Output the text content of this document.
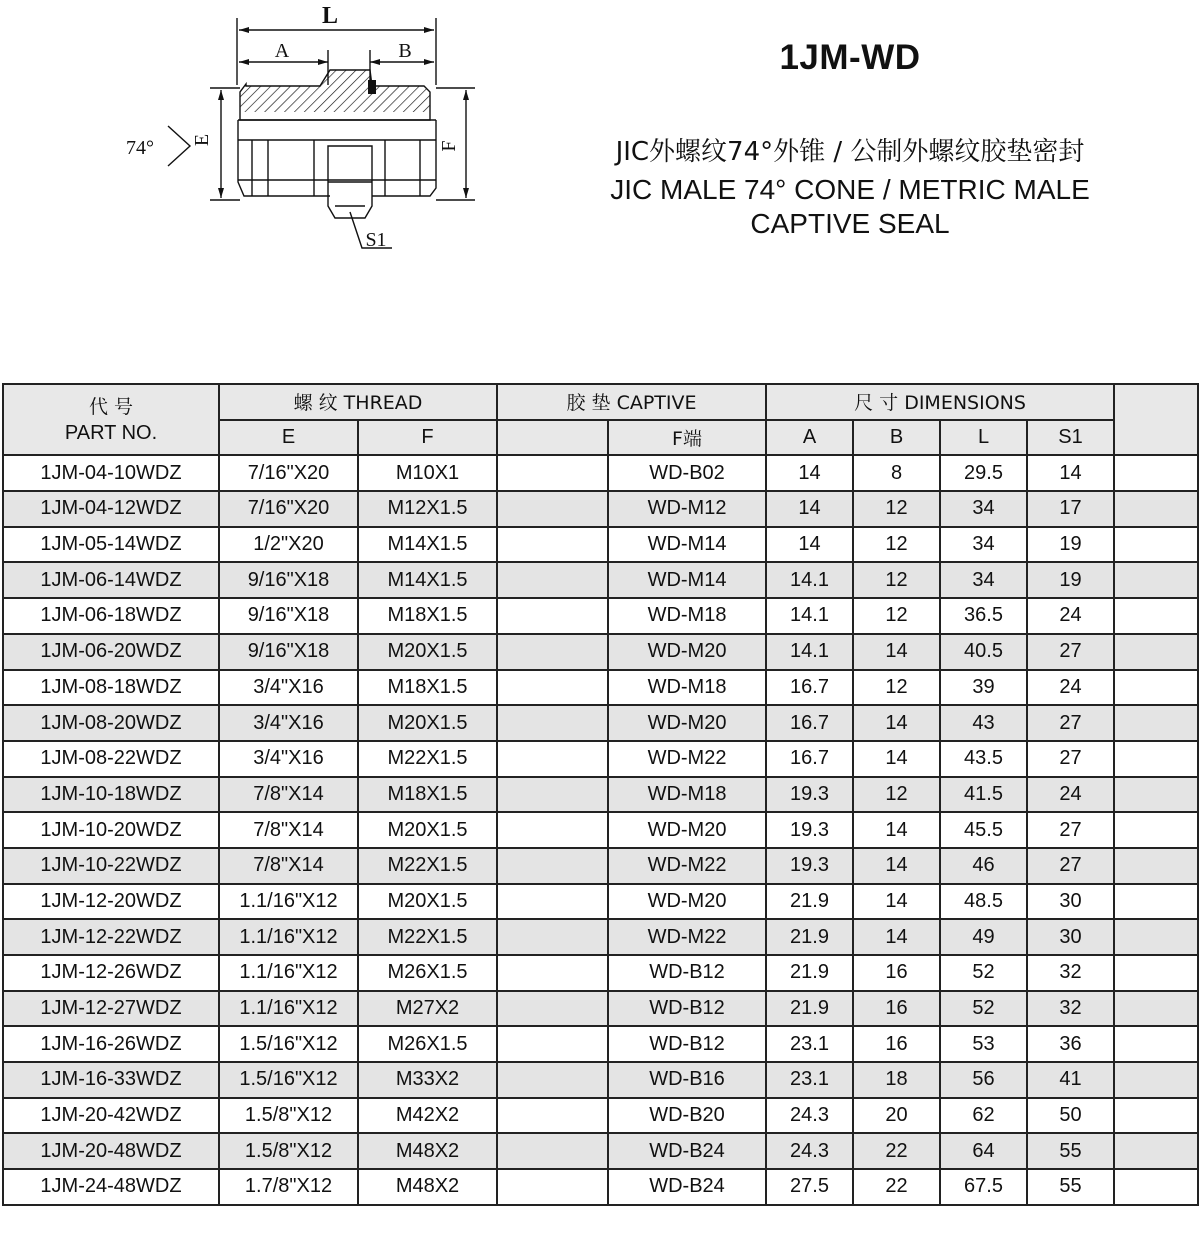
L
A	B
E	F
S1
74°
1JM-WD
JIC外螺纹74°外锥 / 公制外螺纹胶垫密封
JIC MALE 74° CONE / METRIC MALE
CAPTIVE SEAL
代 号
PART NO.	螺 纹 THREAD		胶 垫 CAPTIVE		尺 寸 DIMENSIONS				
	E	F		F端	A	B	L	S1	
1JM-04-10WDZ	7/16"X20	M10X1		WD-B02	14	8	29.5	14	
1JM-04-12WDZ	7/16"X20	M12X1.5		WD-M12	14	12	34	17	
1JM-05-14WDZ	1/2"X20	M14X1.5		WD-M14	14	12	34	19	
1JM-06-14WDZ	9/16"X18	M14X1.5		WD-M14	14.1	12	34	19	
1JM-06-18WDZ	9/16"X18	M18X1.5		WD-M18	14.1	12	36.5	24	
1JM-06-20WDZ	9/16"X18	M20X1.5		WD-M20	14.1	14	40.5	27	
1JM-08-18WDZ	3/4"X16	M18X1.5		WD-M18	16.7	12	39	24	
1JM-08-20WDZ	3/4"X16	M20X1.5		WD-M20	16.7	14	43	27	
1JM-08-22WDZ	3/4"X16	M22X1.5		WD-M22	16.7	14	43.5	27	
1JM-10-18WDZ	7/8"X14	M18X1.5		WD-M18	19.3	12	41.5	24	
1JM-10-20WDZ	7/8"X14	M20X1.5		WD-M20	19.3	14	45.5	27	
1JM-10-22WDZ	7/8"X14	M22X1.5		WD-M22	19.3	14	46	27	
1JM-12-20WDZ	1.1/16"X12	M20X1.5		WD-M20	21.9	14	48.5	30	
1JM-12-22WDZ	1.1/16"X12	M22X1.5		WD-M22	21.9	14	49	30	
1JM-12-26WDZ	1.1/16"X12	M26X1.5		WD-B12	21.9	16	52	32	
1JM-12-27WDZ	1.1/16"X12	M27X2		WD-B12	21.9	16	52	32	
1JM-16-26WDZ	1.5/16"X12	M26X1.5		WD-B12	23.1	16	53	36	
1JM-16-33WDZ	1.5/16"X12	M33X2		WD-B16	23.1	18	56	41	
1JM-20-42WDZ	1.5/8"X12	M42X2		WD-B20	24.3	20	62	50	
1JM-20-48WDZ	1.5/8"X12	M48X2		WD-B24	24.3	22	64	55	
1JM-24-48WDZ	1.7/8"X12	M48X2		WD-B24	27.5	22	67.5	55	
